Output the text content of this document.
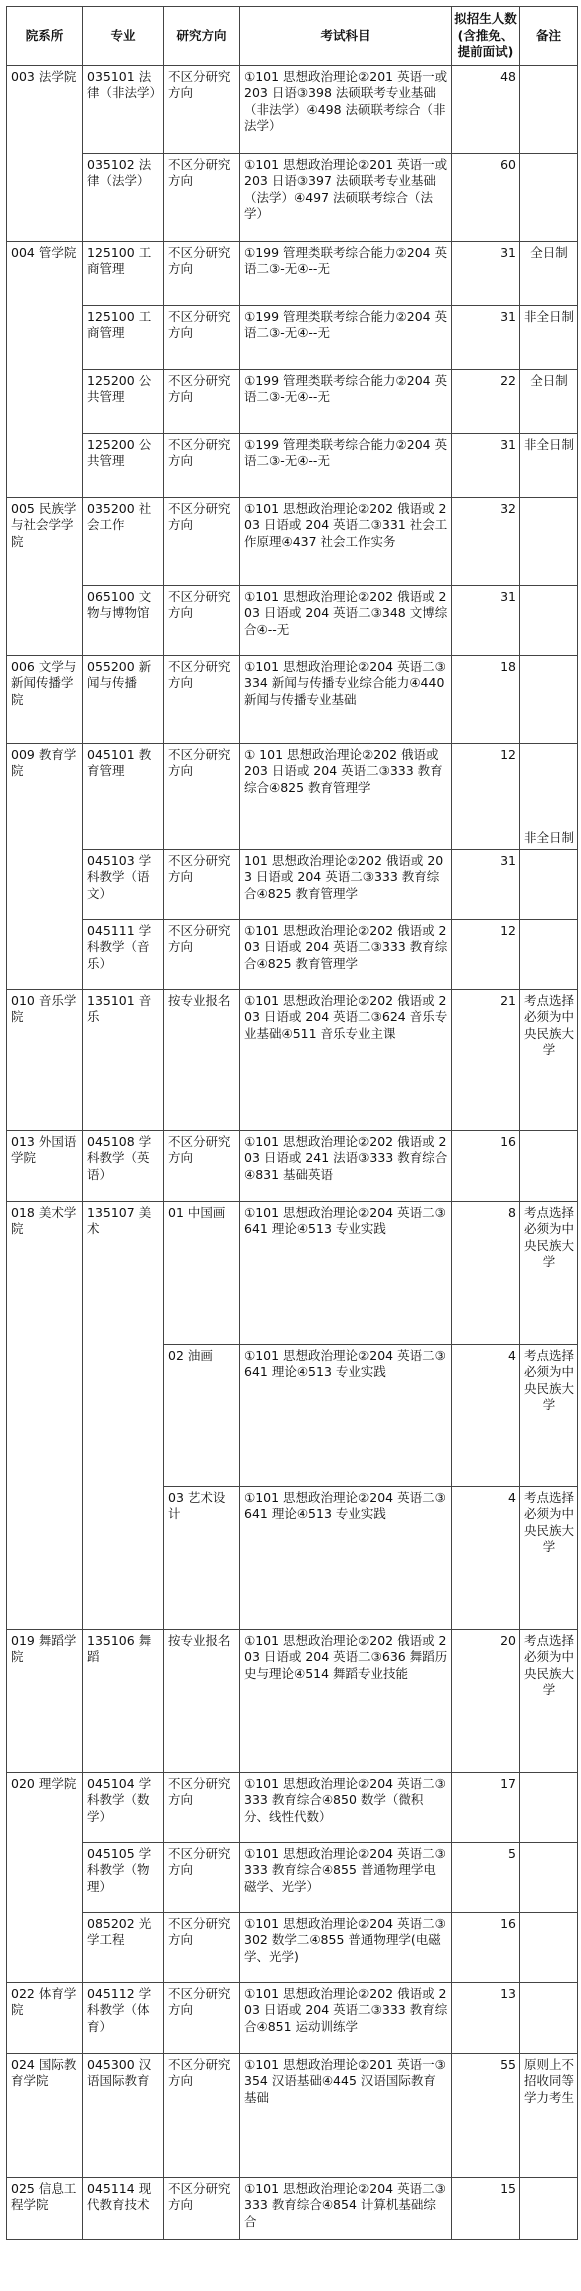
院系所	专业	研究方向	考试科目	拟招生人数(含推免、提前面试)	备注
003 法学院	035101 法律（非法学）	不区分研究方向	①101 思想政治理论②201 英语一或 203 日语③398 法硕联考专业基础（非法学）④498 法硕联考综合（非法学）	48	
	035102 法律（法学）	不区分研究方向	①101 思想政治理论②201 英语一或 203 日语③397 法硕联考专业基础（法学）④497 法硕联考综合（法学）	60	
004 管学院	125100 工商管理	不区分研究方向	①199 管理类联考综合能力②204 英语二③-无④--无	31	全日制
	125100 工商管理	不区分研究方向	①199 管理类联考综合能力②204 英语二③-无④--无	31	非全日制
	125200 公共管理	不区分研究方向	①199 管理类联考综合能力②204 英语二③-无④--无	22	全日制
	125200 公共管理	不区分研究方向	①199 管理类联考综合能力②204 英语二③-无④--无	31	非全日制
005 民族学与社会学学院	035200 社会工作	不区分研究方向	①101 思想政治理论②202 俄语或 203 日语或 204 英语二③331 社会工作原理④437 社会工作实务	32	
	065100 文物与博物馆	不区分研究方向	①101 思想政治理论②202 俄语或 203 日语或 204 英语二③348 文博综合④--无	31	
006 文学与新闻传播学院	055200 新闻与传播	不区分研究方向	①101 思想政治理论②204 英语二③334 新闻与传播专业综合能力④440 新闻与传播专业基础	18	
009 教育学院	045101 教育管理	不区分研究方向	① 101 思想政治理论②202 俄语或 203 日语或 204 英语二③333 教育综合④825 教育管理学	12	非全日制
	045103 学科教学（语文）	不区分研究方向	101 思想政治理论②202 俄语或 203 日语或 204 英语二③333 教育综合④825 教育管理学	31	
	045111 学科教学（音乐）	不区分研究方向	①101 思想政治理论②202 俄语或 203 日语或 204 英语二③333 教育综合④825 教育管理学	12	
010 音乐学院	135101 音乐	按专业报名	①101 思想政治理论②202 俄语或 203 日语或 204 英语二③624 音乐专业基础④511 音乐专业主课	21	考点选择必须为中央民族大学
013 外国语学院	045108 学科教学（英语）	不区分研究方向	①101 思想政治理论②202 俄语或 203 日语或 241 法语③333 教育综合④831 基础英语	16	
018 美术学院	135107 美术	01 中国画	①101 思想政治理论②204 英语二③641 理论④513 专业实践	8	考点选择必须为中央民族大学
		02 油画	①101 思想政治理论②204 英语二③641 理论④513 专业实践	4	考点选择必须为中央民族大学
		03 艺术设计	①101 思想政治理论②204 英语二③641 理论④513 专业实践	4	考点选择必须为中央民族大学
019 舞蹈学院	135106 舞蹈	按专业报名	①101 思想政治理论②202 俄语或 203 日语或 204 英语二③636 舞蹈历史与理论④514 舞蹈专业技能	20	考点选择必须为中央民族大学
020 理学院	045104 学科教学（数学）	不区分研究方向	①101 思想政治理论②204 英语二③333 教育综合④850 数学（微积分、线性代数）	17	
	045105 学科教学（物理）	不区分研究方向	①101 思想政治理论②204 英语二③333 教育综合④855 普通物理学电磁学、光学）	5	
	085202 光学工程	不区分研究方向	①101 思想政治理论②204 英语二③302 数学二④855 普通物理学(电磁学、光学)	16	
022 体育学院	045112 学科教学（体育）	不区分研究方向	①101 思想政治理论②202 俄语或 203 日语或 204 英语二③333 教育综合④851 运动训练学	13	
024 国际教育学院	045300 汉语国际教育	不区分研究方向	①101 思想政治理论②201 英语一③354 汉语基础④445 汉语国际教育基础	55	原则上不招收同等学力考生
025 信息工程学院	045114 现代教育技术	不区分研究方向	①101 思想政治理论②204 英语二③333 教育综合④854 计算机基础综合	15	
